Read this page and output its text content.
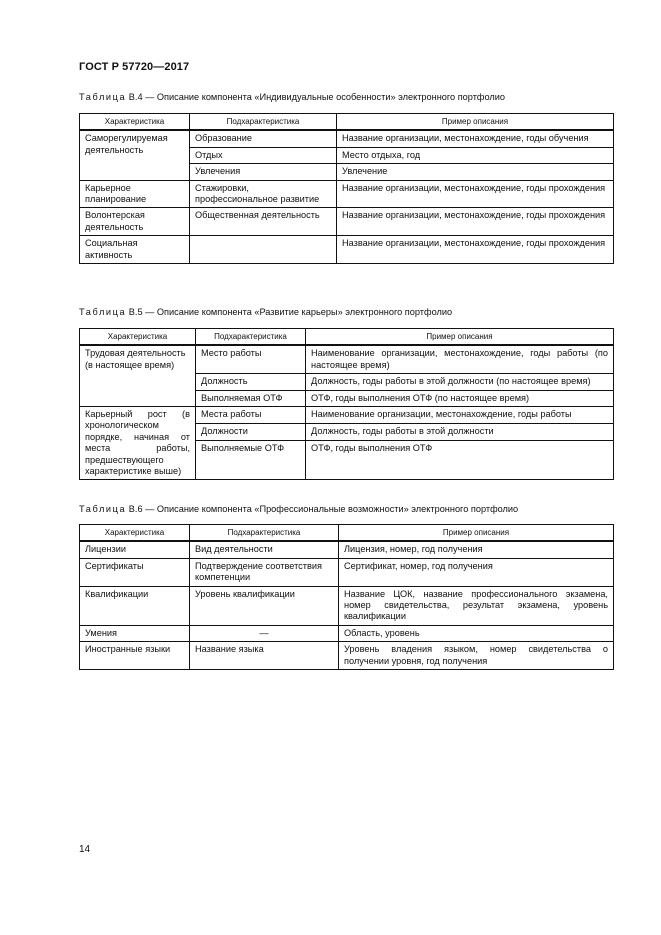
ГОСТ Р 57720—2017
Таблица В.4 — Описание компонента «Индивидуальные особенности» электронного портфолио
Характеристика	Подхарактеристика	Пример описания
Саморегулируемая деятельность	Образование	Название организации, местонахождение, годы обучения
	Отдых	Место отдыха, год
	Увлечения	Увлечение
Карьерное планирование	Стажировки, профессиональное развитие	Название организации, местонахождение, годы прохождения
Волонтерская деятельность	Общественная деятельность	Название организации, местонахождение, годы прохождения
Социальная активность		Название организации, местонахождение, годы прохождения
Таблица В.5 — Описание компонента «Развитие карьеры» электронного портфолио
Характеристика	Подхарактеристика	Пример описания
Трудовая деятельность (в настоящее время)	Место работы	Наименование организации, местонахождение, годы работы (по настоящее время)
	Должность	Должность, годы работы в этой должности (по настоящее время)
	Выполняемая ОТФ	ОТФ, годы выполнения ОТФ (по настоящее время)
Карьерный рост (в хронологическом порядке, начиная от места работы, предшествующего характеристике выше)	Места работы	Наименование организации, местонахождение, годы работы
	Должности	Должность, годы работы в этой должности
	Выполняемые ОТФ	ОТФ, годы выполнения ОТФ
Таблица В.6 — Описание компонента «Профессиональные возможности» электронного портфолио
Характеристика	Подхарактеристика	Пример описания
Лицензии	Вид деятельности	Лицензия, номер, год получения
Сертификаты	Подтверждение соответствия компетенции	Сертификат, номер, год получения
Квалификации	Уровень квалификации	Название ЦОК, название профессионального экзамена, номер свидетельства, результат экзамена, уровень квалификации
Умения	—	Область, уровень
Иностранные языки	Название языка	Уровень владения языком, номер свидетельства о получении уровня, год получения
14
